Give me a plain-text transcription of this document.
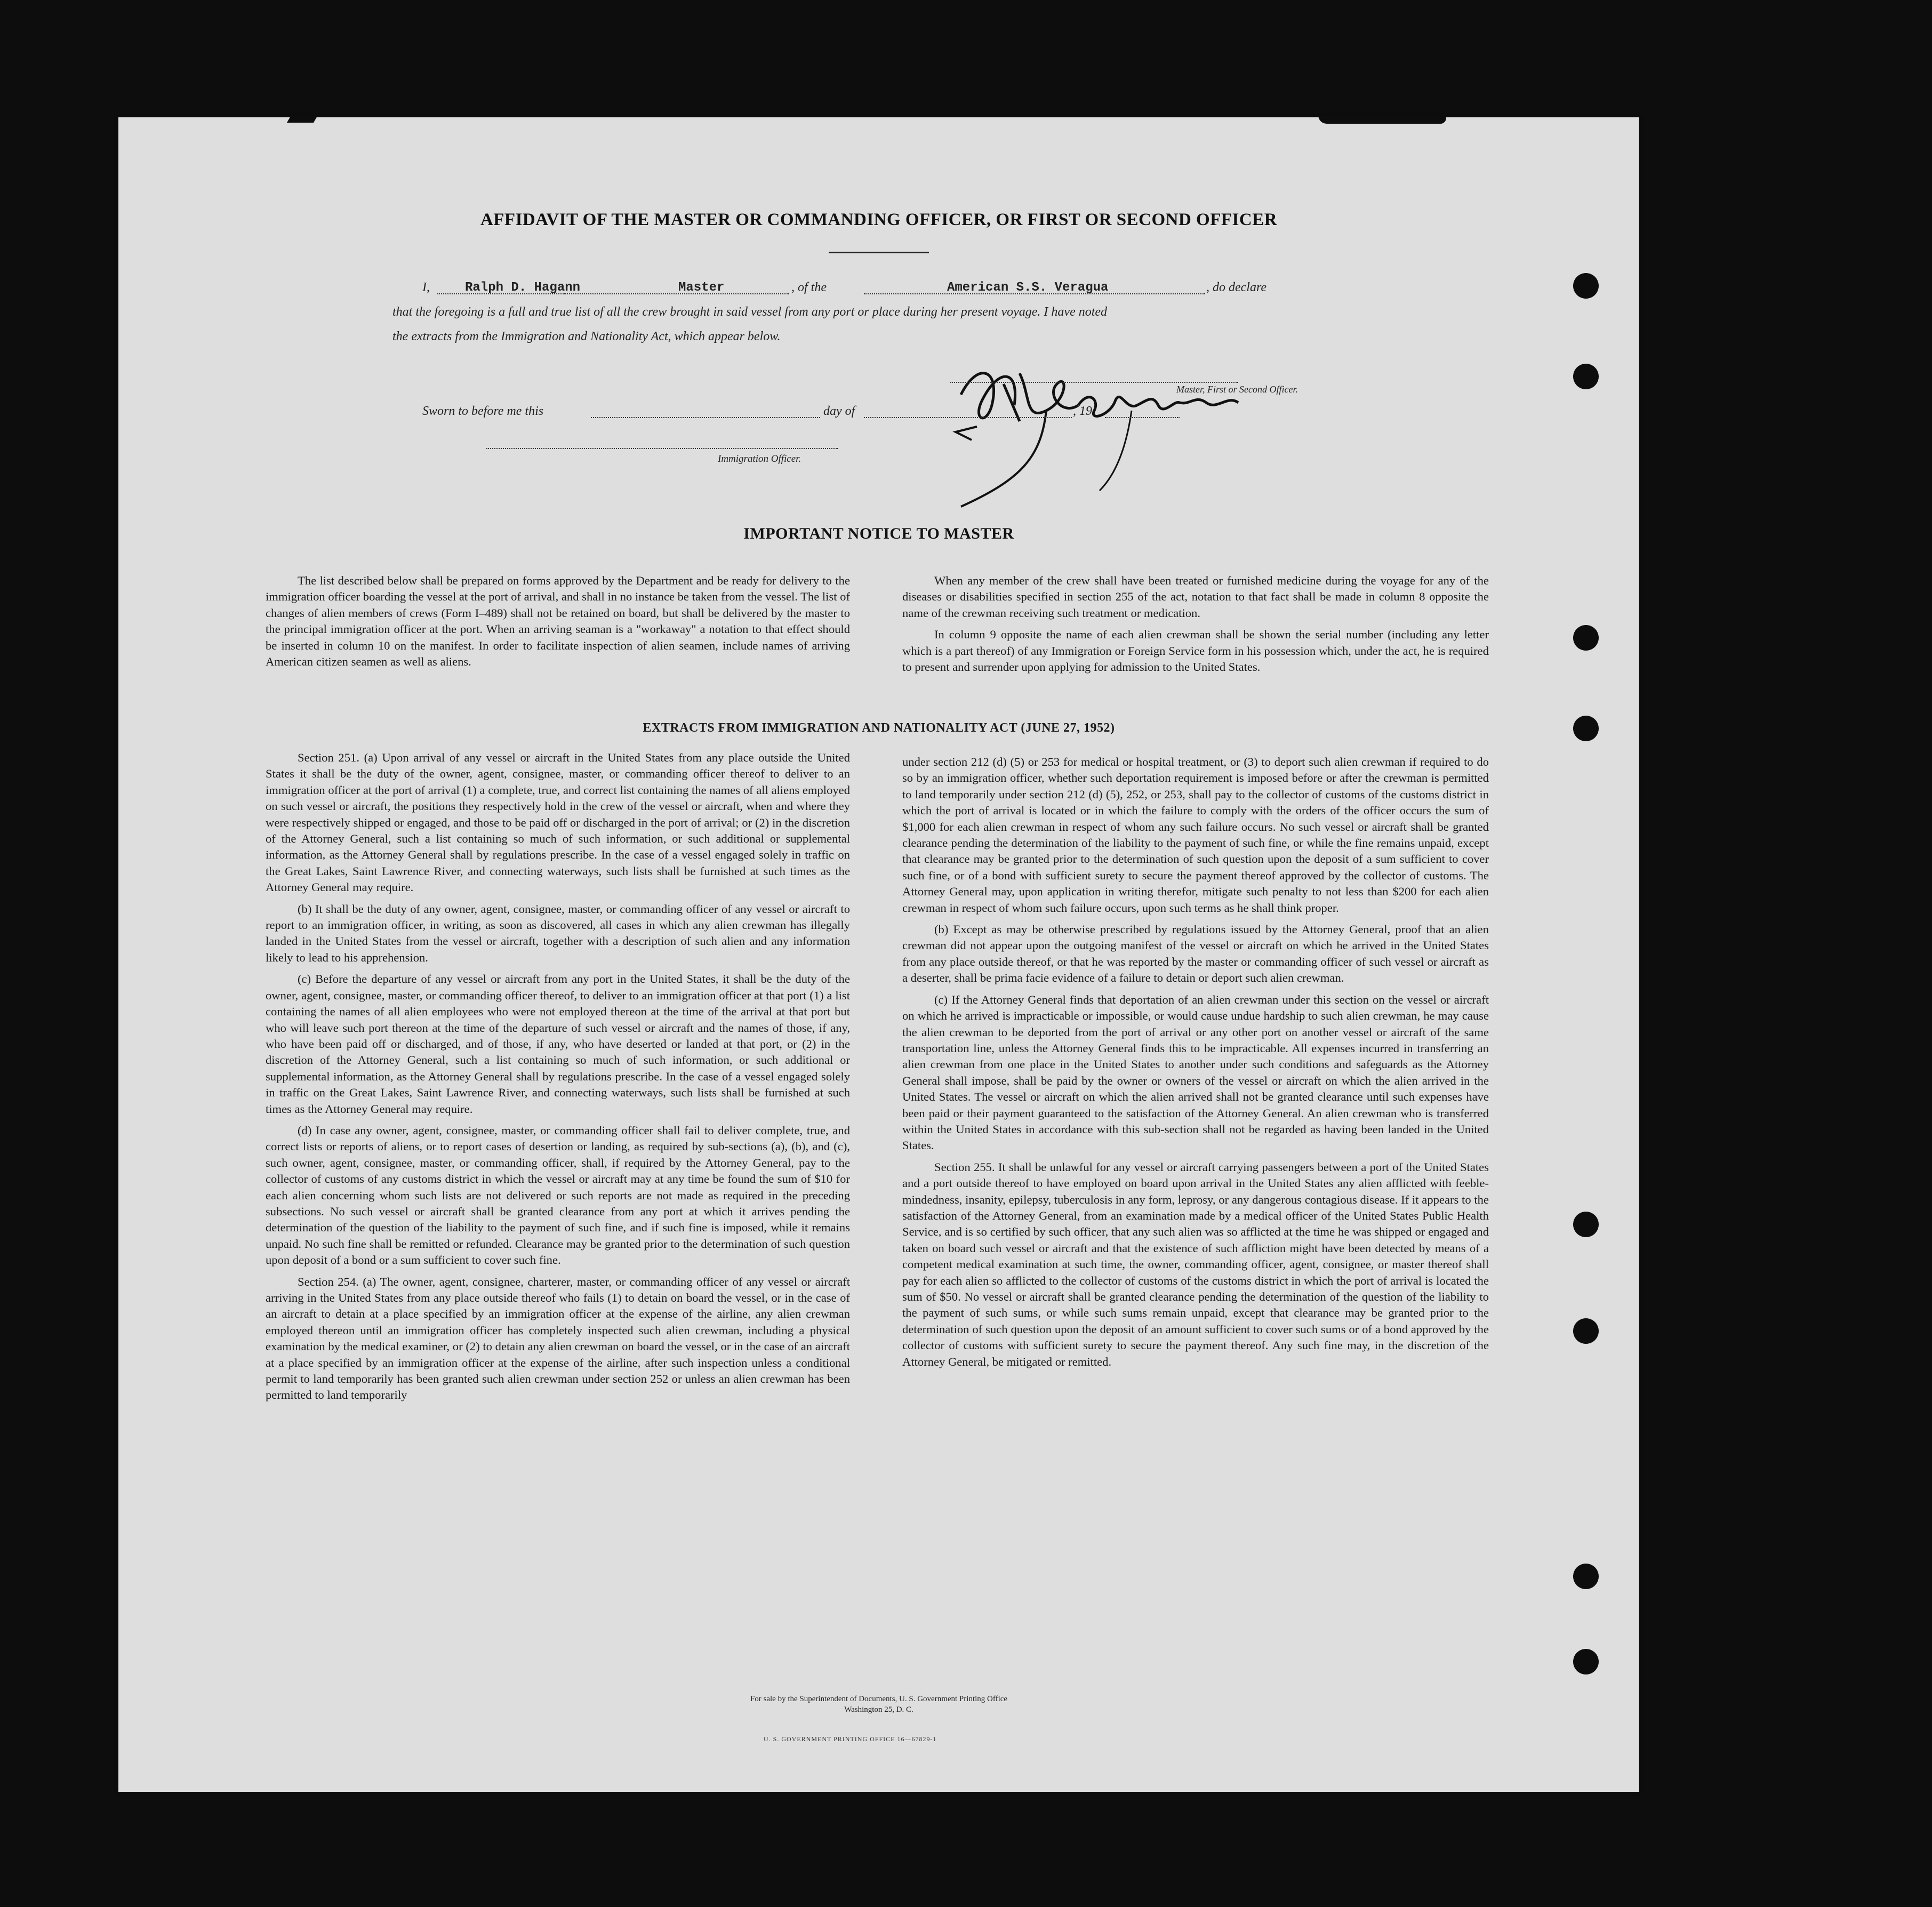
AFFIDAVIT OF THE MASTER OR COMMANDING OFFICER, OR FIRST OR SECOND OFFICER
I,	Ralph D. Hagann	Master	, of the	American S.S. Veragua	, do declare
that the foregoing is a full and true list of all the crew brought in said vessel from any port or place during her present voyage. I have noted
the extracts from the Immigration and Nationality Act, which appear below.
Master, First or Second Officer.
Sworn to before me this	day of	, 19
Immigration Officer.
IMPORTANT NOTICE TO MASTER

The list described below shall be prepared on forms approved by the Department and be ready for delivery to the immigration officer boarding the vessel at the port of arrival, and shall in no instance be taken from the vessel. The list of changes of alien members of crews (Form I–489) shall not be retained on board, but shall be delivered by the master to the principal immigration officer at the port. When an arriving seaman is a "workaway" a notation to that effect should be inserted in column 10 on the manifest. In order to facilitate inspection of alien seamen, include names of arriving American citizen seamen as well as aliens.

When any member of the crew shall have been treated or furnished medicine during the voyage for any of the diseases or disabilities specified in section 255 of the act, notation to that fact shall be made in column 8 opposite the name of the crewman receiving such treatment or medication.

In column 9 opposite the name of each alien crewman shall be shown the serial number (including any letter which is a part thereof) of any Immigration or Foreign Service form in his possession which, under the act, he is required to present and surrender upon applying for admission to the United States.

EXTRACTS FROM IMMIGRATION AND NATIONALITY ACT (JUNE 27, 1952)

Section 251. (a) Upon arrival of any vessel or aircraft in the United States from any place outside the United States it shall be the duty of the owner, agent, consignee, master, or commanding officer thereof to deliver to an immigration officer at the port of arrival (1) a complete, true, and correct list containing the names of all aliens employed on such vessel or aircraft, the positions they respectively hold in the crew of the vessel or aircraft, when and where they were respectively shipped or engaged, and those to be paid off or discharged in the port of arrival; or (2) in the discretion of the Attorney General, such a list containing so much of such information, or such additional or supplemental information, as the Attorney General shall by regulations prescribe. In the case of a vessel engaged solely in traffic on the Great Lakes, Saint Lawrence River, and connecting waterways, such lists shall be furnished at such times as the Attorney General may require.

(b) It shall be the duty of any owner, agent, consignee, master, or commanding officer of any vessel or aircraft to report to an immigration officer, in writing, as soon as discovered, all cases in which any alien crewman has illegally landed in the United States from the vessel or aircraft, together with a description of such alien and any information likely to lead to his apprehension.

(c) Before the departure of any vessel or aircraft from any port in the United States, it shall be the duty of the owner, agent, consignee, master, or commanding officer thereof, to deliver to an immigration officer at that port (1) a list containing the names of all alien employees who were not employed thereon at the time of the arrival at that port but who will leave such port thereon at the time of the departure of such vessel or aircraft and the names of those, if any, who have been paid off or discharged, and of those, if any, who have deserted or landed at that port, or (2) in the discretion of the Attorney General, such a list containing so much of such information, or such additional or supplemental information, as the Attorney General shall by regulations prescribe. In the case of a vessel engaged solely in traffic on the Great Lakes, Saint Lawrence River, and connecting waterways, such lists shall be furnished at such times as the Attorney General may require.

(d) In case any owner, agent, consignee, master, or commanding officer shall fail to deliver complete, true, and correct lists or reports of aliens, or to report cases of desertion or landing, as required by sub-sections (a), (b), and (c), such owner, agent, consignee, master, or commanding officer, shall, if required by the Attorney General, pay to the collector of customs of any customs district in which the vessel or aircraft may at any time be found the sum of $10 for each alien concerning whom such lists are not delivered or such reports are not made as required in the preceding subsections. No such vessel or aircraft shall be granted clearance from any port at which it arrives pending the determination of the question of the liability to the payment of such fine, and if such fine is imposed, while it remains unpaid. No such fine shall be remitted or refunded. Clearance may be granted prior to the determination of such question upon deposit of a bond or a sum sufficient to cover such fine.

Section 254. (a) The owner, agent, consignee, charterer, master, or commanding officer of any vessel or aircraft arriving in the United States from any place outside thereof who fails (1) to detain on board the vessel, or in the case of an aircraft to detain at a place specified by an immigration officer at the expense of the airline, any alien crewman employed thereon until an immigration officer has completely inspected such alien crewman, including a physical examination by the medical examiner, or (2) to detain any alien crewman on board the vessel, or in the case of an aircraft at a place specified by an immigration officer at the expense of the airline, after such inspection unless a conditional permit to land temporarily has been granted such alien crewman under section 252 or unless an alien crewman has been permitted to land temporarily

under section 212 (d) (5) or 253 for medical or hospital treatment, or (3) to deport such alien crewman if required to do so by an immigration officer, whether such deportation requirement is imposed before or after the crewman is permitted to land temporarily under section 212 (d) (5), 252, or 253, shall pay to the collector of customs of the customs district in which the port of arrival is located or in which the failure to comply with the orders of the officer occurs the sum of $1,000 for each alien crewman in respect of whom any such failure occurs. No such vessel or aircraft shall be granted clearance pending the determination of the liability to the payment of such fine, or while the fine remains unpaid, except that clearance may be granted prior to the determination of such question upon the deposit of a sum sufficient to cover such fine, or of a bond with sufficient surety to secure the payment thereof approved by the collector of customs. The Attorney General may, upon application in writing therefor, mitigate such penalty to not less than $200 for each alien crewman in respect of whom such failure occurs, upon such terms as he shall think proper.

(b) Except as may be otherwise prescribed by regulations issued by the Attorney General, proof that an alien crewman did not appear upon the outgoing manifest of the vessel or aircraft on which he arrived in the United States from any place outside thereof, or that he was reported by the master or commanding officer of such vessel or aircraft as a deserter, shall be prima facie evidence of a failure to detain or deport such alien crewman.

(c) If the Attorney General finds that deportation of an alien crewman under this section on the vessel or aircraft on which he arrived is impracticable or impossible, or would cause undue hardship to such alien crewman, he may cause the alien crewman to be deported from the port of arrival or any other port on another vessel or aircraft of the same transportation line, unless the Attorney General finds this to be impracticable. All expenses incurred in transferring an alien crewman from one place in the United States to another under such conditions and safeguards as the Attorney General shall impose, shall be paid by the owner or owners of the vessel or aircraft on which the alien arrived in the United States. The vessel or aircraft on which the alien arrived shall not be granted clearance until such expenses have been paid or their payment guaranteed to the satisfaction of the Attorney General. An alien crewman who is transferred within the United States in accordance with this sub-section shall not be regarded as having been landed in the United States.

Section 255. It shall be unlawful for any vessel or aircraft carrying passengers between a port of the United States and a port outside thereof to have employed on board upon arrival in the United States any alien afflicted with feeble-mindedness, insanity, epilepsy, tuberculosis in any form, leprosy, or any dangerous contagious disease. If it appears to the satisfaction of the Attorney General, from an examination made by a medical officer of the United States Public Health Service, and is so certified by such officer, that any such alien was so afflicted at the time he was shipped or engaged and taken on board such vessel or aircraft and that the existence of such affliction might have been detected by means of a competent medical examination at such time, the owner, commanding officer, agent, consignee, or master thereof shall pay for each alien so afflicted to the collector of customs of the customs district in which the port of arrival is located the sum of $50. No vessel or aircraft shall be granted clearance pending the determination of the question of the liability to the payment of such sums, or while such sums remain unpaid, except that clearance may be granted prior to the determination of such question upon the deposit of an amount sufficient to cover such sums or of a bond approved by the collector of customs with sufficient surety to secure the payment thereof. Any such fine may, in the discretion of the Attorney General, be mitigated or remitted.

U. S. GOVERNMENT PRINTING OFFICE 16—67829-1
For sale by the Superintendent of Documents, U. S. Government Printing Office
Washington 25, D. C.
